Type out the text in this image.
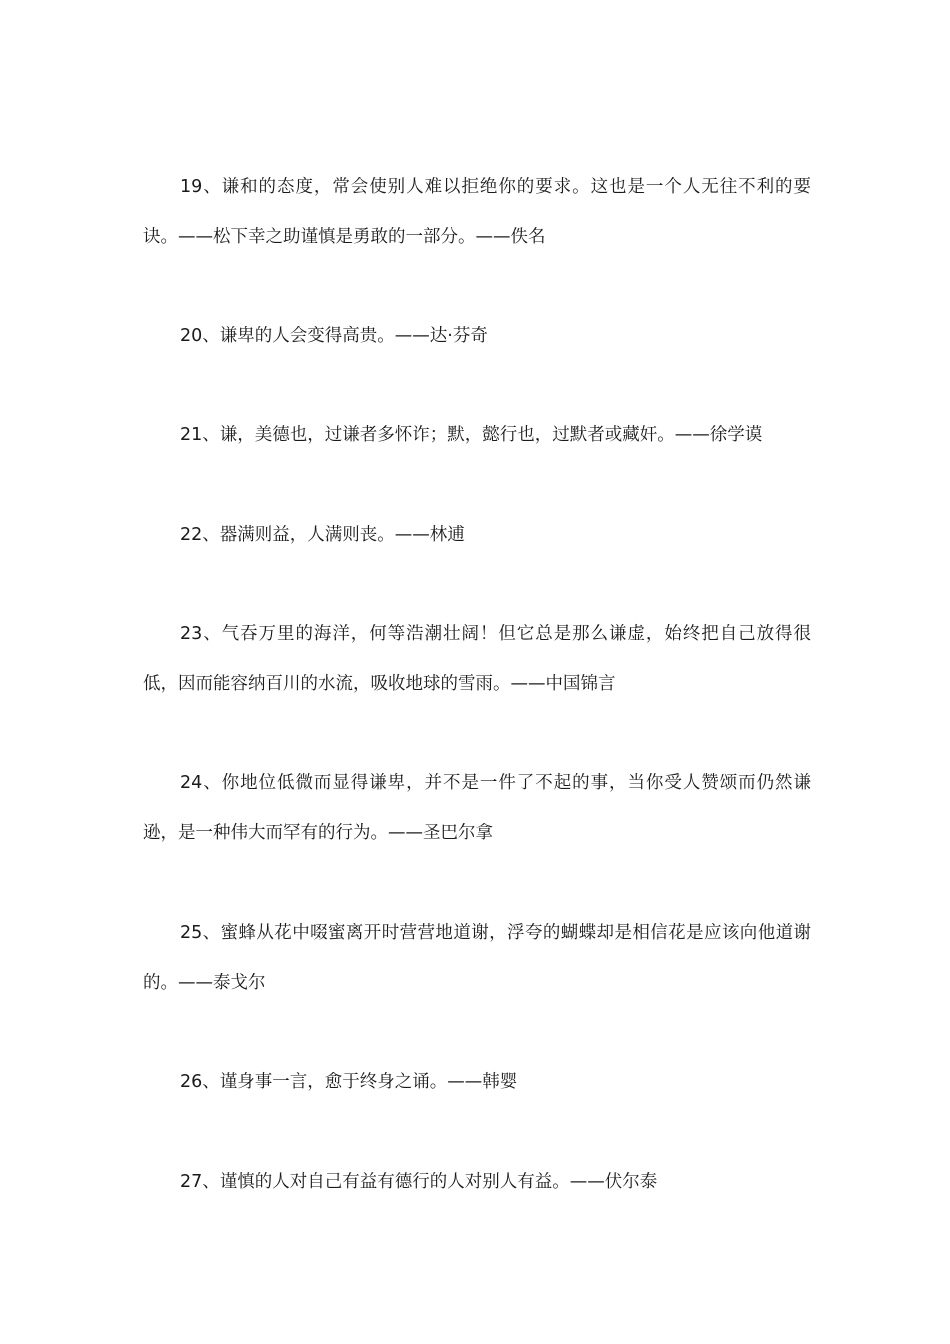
19、谦和的态度，常会使别人难以拒绝你的要求。这也是一个人无往不利的要诀。——松下幸之助谨慎是勇敢的一部分。——佚名

20、谦卑的人会变得高贵。——达·芬奇

21、谦，美德也，过谦者多怀诈；默，懿行也，过默者或藏奸。——徐学谟

22、器满则益，人满则丧。——林逋

23、气吞万里的海洋，何等浩潮壮阔！但它总是那么谦虚，始终把自己放得很低，因而能容纳百川的水流，吸收地球的雪雨。——中国锦言

24、你地位低微而显得谦卑，并不是一件了不起的事，当你受人赞颂而仍然谦逊，是一种伟大而罕有的行为。——圣巴尔拿

25、蜜蜂从花中啜蜜离开时营营地道谢，浮夸的蝴蝶却是相信花是应该向他道谢的。——泰戈尔

26、谨身事一言，愈于终身之诵。——韩婴

27、谨慎的人对自己有益有德行的人对别人有益。——伏尔泰
